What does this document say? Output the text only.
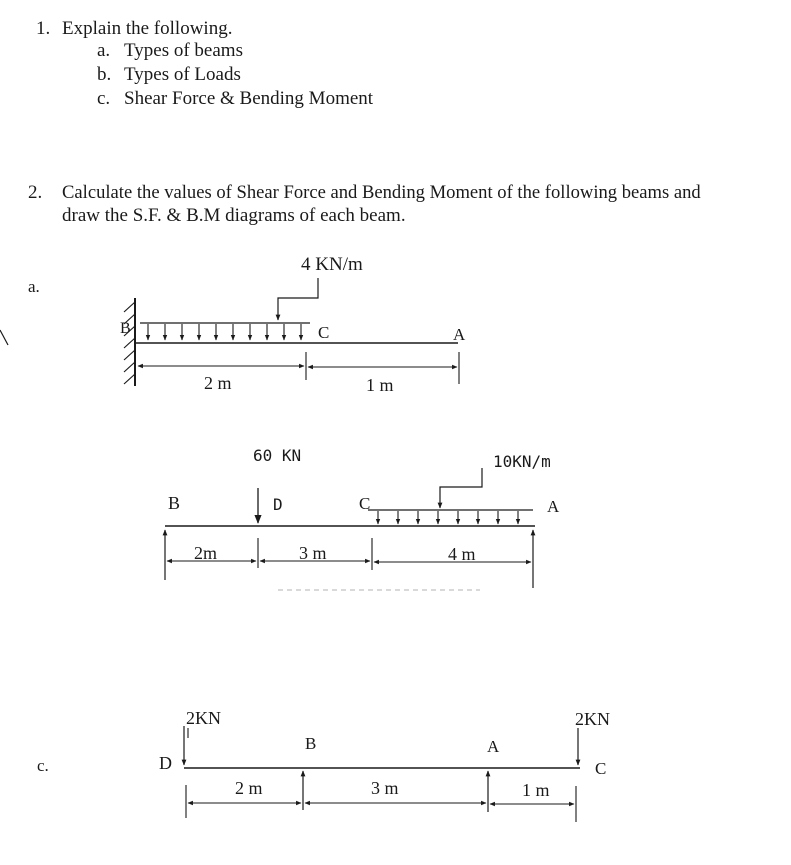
1. Explain the following.
a. Types of beams
b. Types of Loads
c. Shear Force & Bending Moment
2. Calculate the values of Shear Force and Bending Moment of the following beams and
draw the S.F. & B.M diagrams of each beam.
a.
4 KN/m
B	C	A
2 m	1 m
60 KN	10KN/m
B	D	C	A
2m	3 m	4 m
c.
2KN	2KN
D
B	A
C
2 m	3 m	1 m
